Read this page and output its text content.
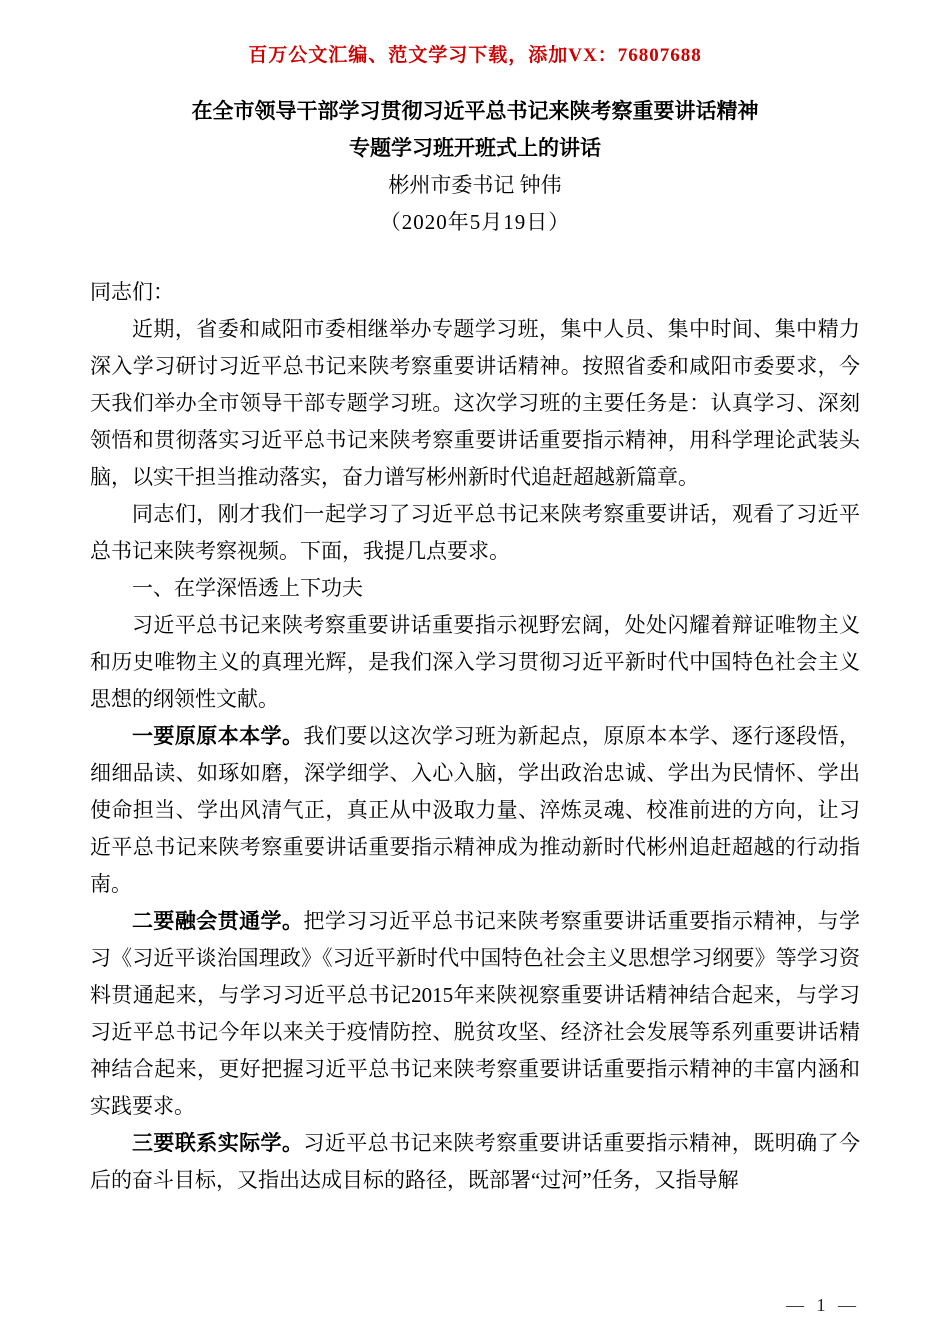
百万公文汇编、范文学习下载，添加VX：76807688
在全市领导干部学习贯彻习近平总书记来陕考察重要讲话精神
专题学习班开班式上的讲话
彬州市委书记 钟伟
（2020年5月19日）

同志们：

近期，省委和咸阳市委相继举办专题学习班，集中人员、集中时间、集中精力深入学习研讨习近平总书记来陕考察重要讲话精神。按照省委和咸阳市委要求，今天我们举办全市领导干部专题学习班。这次学习班的主要任务是：认真学习、深刻领悟和贯彻落实习近平总书记来陕考察重要讲话重要指示精神，用科学理论武装头脑，以实干担当推动落实，奋力谱写彬州新时代追赶超越新篇章。

同志们，刚才我们一起学习了习近平总书记来陕考察重要讲话，观看了习近平总书记来陕考察视频。下面，我提几点要求。

一、在学深悟透上下功夫

习近平总书记来陕考察重要讲话重要指示视野宏阔，处处闪耀着辩证唯物主义和历史唯物主义的真理光辉，是我们深入学习贯彻习近平新时代中国特色社会主义思想的纲领性文献。

一要原原本本学。我们要以这次学习班为新起点，原原本本学、逐行逐段悟，细细品读、如琢如磨，深学细学、入心入脑，学出政治忠诚、学出为民情怀、学出使命担当、学出风清气正，真正从中汲取力量、淬炼灵魂、校准前进的方向，让习近平总书记来陕考察重要讲话重要指示精神成为推动新时代彬州追赶超越的行动指南。

二要融会贯通学。把学习习近平总书记来陕考察重要讲话重要指示精神，与学习《习近平谈治国理政》《习近平新时代中国特色社会主义思想学习纲要》等学习资料贯通起来，与学习习近平总书记2015年来陕视察重要讲话精神结合起来，与学习习近平总书记今年以来关于疫情防控、脱贫攻坚、经济社会发展等系列重要讲话精神结合起来，更好把握习近平总书记来陕考察重要讲话重要指示精神的丰富内涵和实践要求。

三要联系实际学。习近平总书记来陕考察重要讲话重要指示精神，既明确了今后的奋斗目标，又指出达成目标的路径，既部署“过河”任务，又指导解

— 1 —
